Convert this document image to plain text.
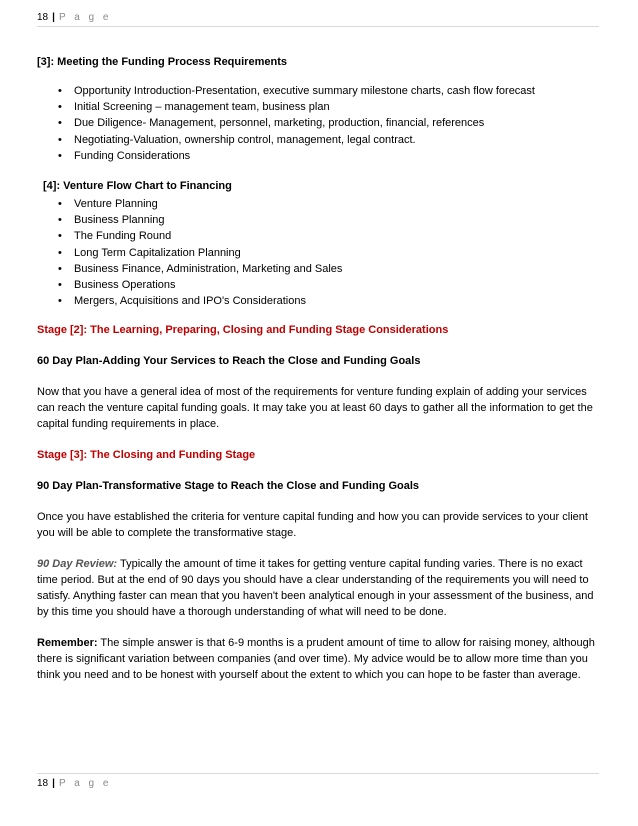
18 | P a g e

[3]: Meeting the Funding Process Requirements

• Opportunity Introduction-Presentation, executive summary milestone charts, cash flow forecast
• Initial Screening – management team, business plan
• Due Diligence- Management, personnel, marketing, production, financial, references
• Negotiating-Valuation, ownership control, management, legal contract.
• Funding Considerations

[4]: Venture Flow Chart to Financing

• Venture Planning
• Business Planning
• The Funding Round
• Long Term Capitalization Planning
• Business Finance, Administration, Marketing and Sales
• Business Operations
• Mergers, Acquisitions and IPO's Considerations

Stage [2]: The Learning, Preparing, Closing and Funding Stage Considerations

60 Day Plan-Adding Your Services to Reach the Close and Funding Goals

Now that you have a general idea of most of the requirements for venture funding explain of adding your services can reach the venture capital funding goals. It may take you at least 60 days to gather all the information to get the capital funding requirements in place.

Stage [3]: The Closing and Funding Stage

90 Day Plan-Transformative Stage to Reach the Close and Funding Goals

Once you have established the criteria for venture capital funding and how you can provide services to your client you will be able to complete the transformative stage.

90 Day Review: Typically the amount of time it takes for getting venture capital funding varies. There is no exact time period. But at the end of 90 days you should have a clear understanding of the requirements you will need to satisfy. Anything faster can mean that you haven't been analytical enough in your assessment of the business, and by this time you should have a thorough understanding of what will need to be done.

Remember: The simple answer is that 6-9 months is a prudent amount of time to allow for raising money, although there is significant variation between companies (and over time). My advice would be to allow more time than you think you need and to be honest with yourself about the extent to which you can hope to be faster than average.

18 | P a g e
